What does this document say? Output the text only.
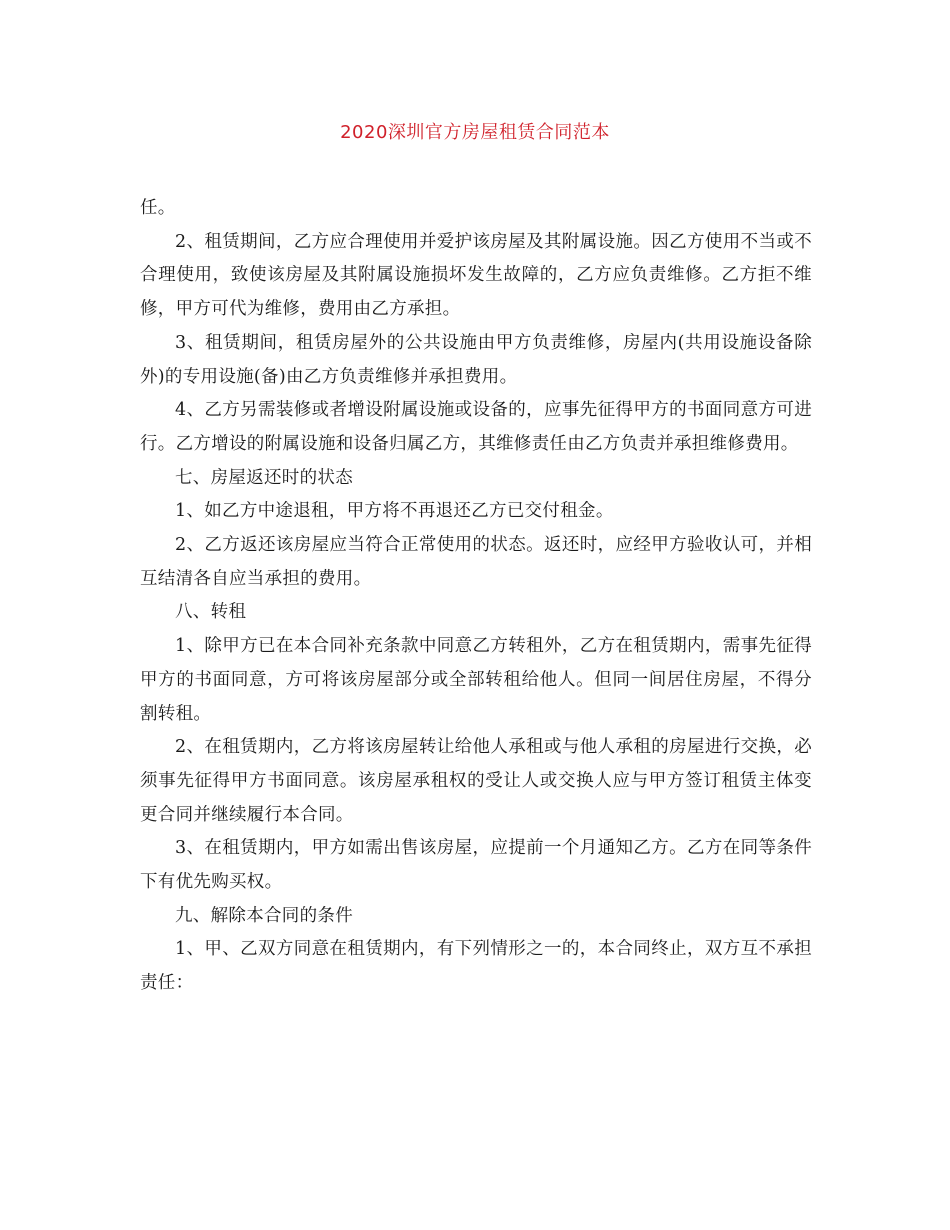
2020深圳官方房屋租赁合同范本

任。

2、租赁期间，乙方应合理使用并爱护该房屋及其附属设施。因乙方使用不当或不合理使用，致使该房屋及其附属设施损坏发生故障的，乙方应负责维修。乙方拒不维修，甲方可代为维修，费用由乙方承担。

3、租赁期间，租赁房屋外的公共设施由甲方负责维修，房屋内(共用设施设备除外)的专用设施(备)由乙方负责维修并承担费用。

4、乙方另需装修或者增设附属设施或设备的，应事先征得甲方的书面同意方可进行。乙方增设的附属设施和设备归属乙方，其维修责任由乙方负责并承担维修费用。

七、房屋返还时的状态

1、如乙方中途退租，甲方将不再退还乙方已交付租金。

2、乙方返还该房屋应当符合正常使用的状态。返还时，应经甲方验收认可，并相互结清各自应当承担的费用。

八、转租

1、除甲方已在本合同补充条款中同意乙方转租外，乙方在租赁期内，需事先征得甲方的书面同意，方可将该房屋部分或全部转租给他人。但同一间居住房屋，不得分割转租。

2、在租赁期内，乙方将该房屋转让给他人承租或与他人承租的房屋进行交换，必须事先征得甲方书面同意。该房屋承租权的受让人或交换人应与甲方签订租赁主体变更合同并继续履行本合同。

3、在租赁期内，甲方如需出售该房屋，应提前一个月通知乙方。乙方在同等条件下有优先购买权。

九、解除本合同的条件

1、甲、乙双方同意在租赁期内，有下列情形之一的，本合同终止，双方互不承担责任：
